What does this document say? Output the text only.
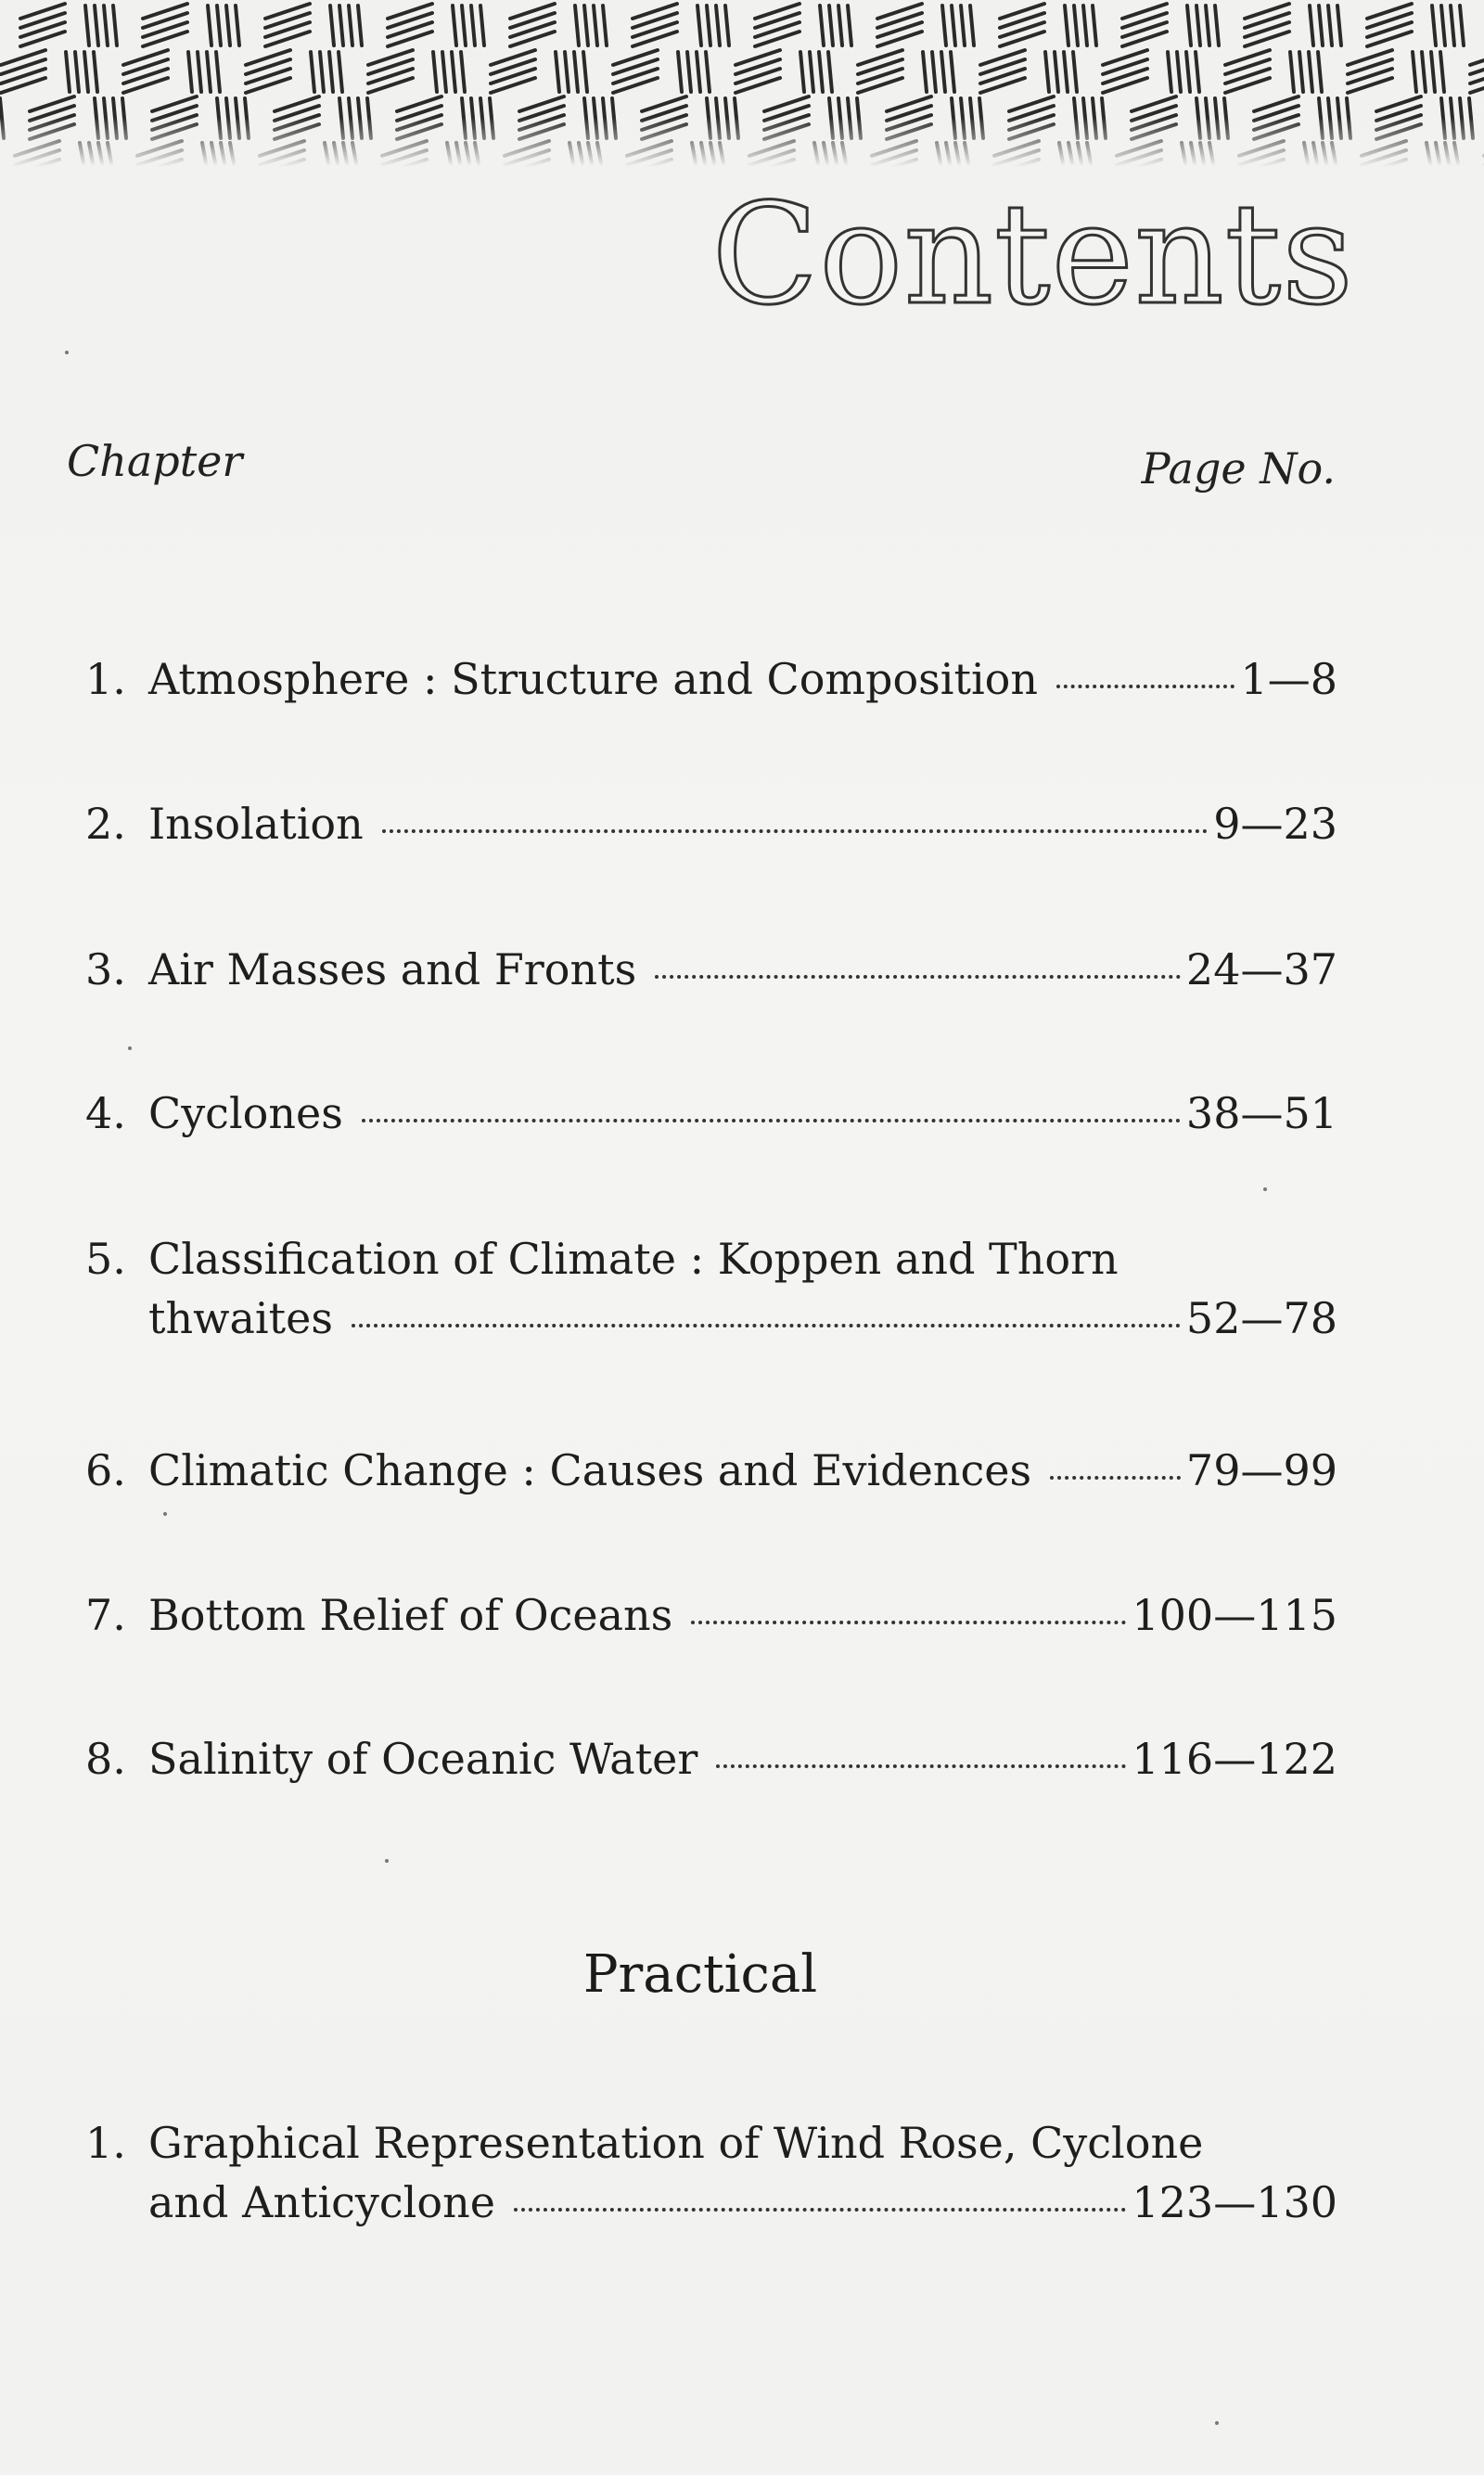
Contents
Chapter	Page No.
1. Atmosphere : Structure and Composition	1—8
2. Insolation	9—23
3. Air Masses and Fronts	24—37
4. Cyclones	38—51
5. Classification of Climate : Koppen and Thorn
thwaites	52—78
6. Climatic Change : Causes and Evidences	79—99
7. Bottom Relief of Oceans	100—115
8. Salinity of Oceanic Water	116—122
Practical
1. Graphical Representation of Wind Rose, Cyclone
and Anticyclone	123—130
